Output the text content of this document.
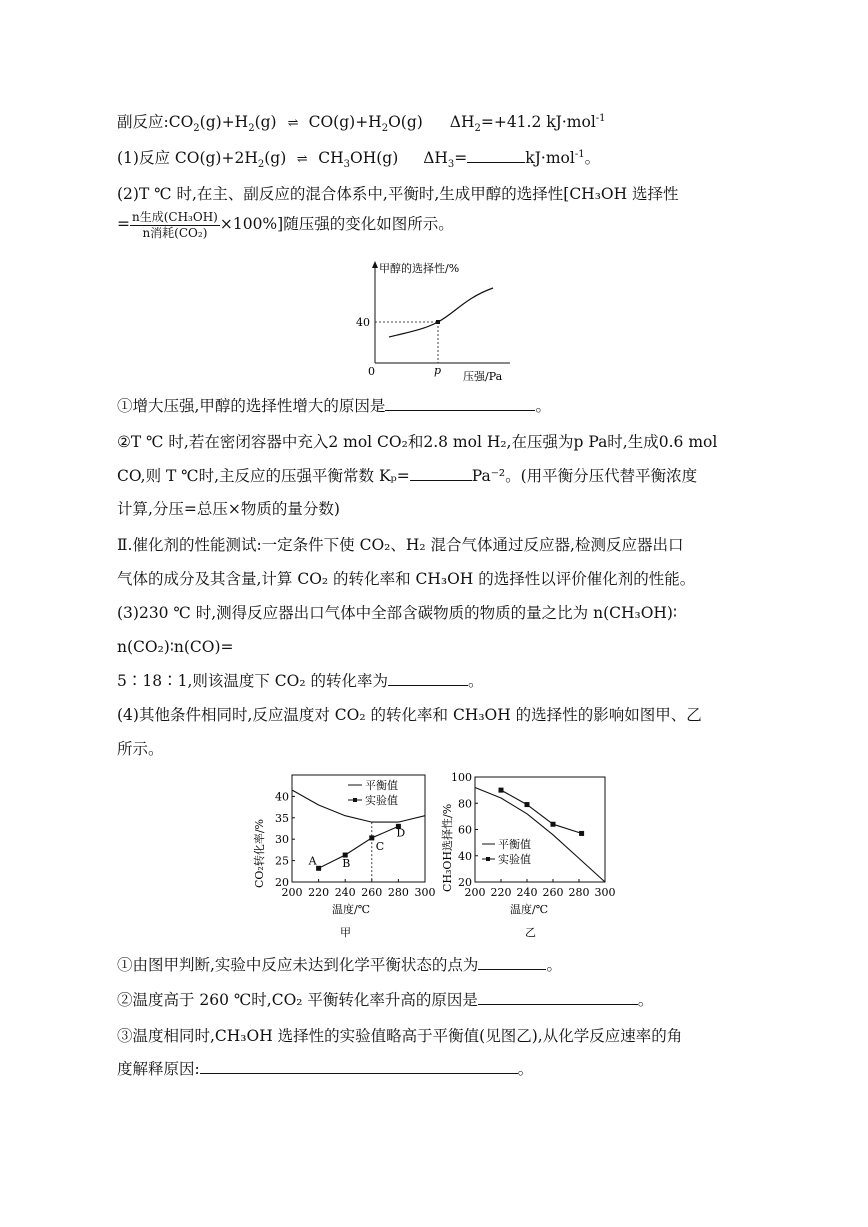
副反应$:CO_2(g)+H_2(g)$ ⇌ $CO(g)+H_2O(g)$ $\Delta H_2=+41.2$ kJ·mol$^{-1}$
(1)反应 $CO(g)+2H_2(g)$ ⇌ $CH_3OH(g)$ $\Delta H_3=$	kJ·mol$^{-1}$。
(2)T ℃ 时,在主、副反应的混合体系中,平衡时,生成甲醇的选择性[CH₃OH 选择性
= $\frac{\text{n生成(CH₃OH)}}{\text{n消耗(CO₂)}} \times 100\%$]随压强的变化如图所示。
甲醇的选择性/%
0
40
p 压强/Pa
①增大压强,甲醇的选择性增大的原因是	。
②T ℃ 时,若在密闭容器中充入2 mol CO₂和2.8 mol H₂,在压强为p Pa时,生成0.6 mol
CO,则 T ℃时,主反应的压强平衡常数 Kₚ=	Pa⁻²。(用平衡分压代替平衡浓度
计算,分压=总压×物质的量分数)
Ⅱ.催化剂的性能测试:一定条件下使 CO₂、H₂ 混合气体通过反应器,检测反应器出口
气体的成分及其含量,计算 CO₂ 的转化率和 CH₃OH 的选择性以评价催化剂的性能。
(3)230 ℃ 时,测得反应器出口气体中全部含碳物质的物质的量之比为 n(CH₃OH)∶
n(CO₂)∶n(CO)=
5∶18∶1,则该温度下 CO₂ 的转化率为	。
(4)其他条件相同时,反应温度对 CO₂ 的转化率和 CH₃OH 的选择性的影响如图甲、乙
所示。
200 220 240 260 280 300
20
25
30
35
40
A B
C
D
平衡值
实验值
CO₂转化率/%
温度/℃
甲
200 220 240 260 280 300
20
40
60
80
100
平衡值
实验值
CH₃OH选择性/%
温度/℃
乙
①由图甲判断,实验中反应未达到化学平衡状态的点为	。
②温度高于 260 ℃时,CO₂ 平衡转化率升高的原因是	。
③温度相同时,CH₃OH 选择性的实验值略高于平衡值(见图乙),从化学反应速率的角
度解释原因:	。
